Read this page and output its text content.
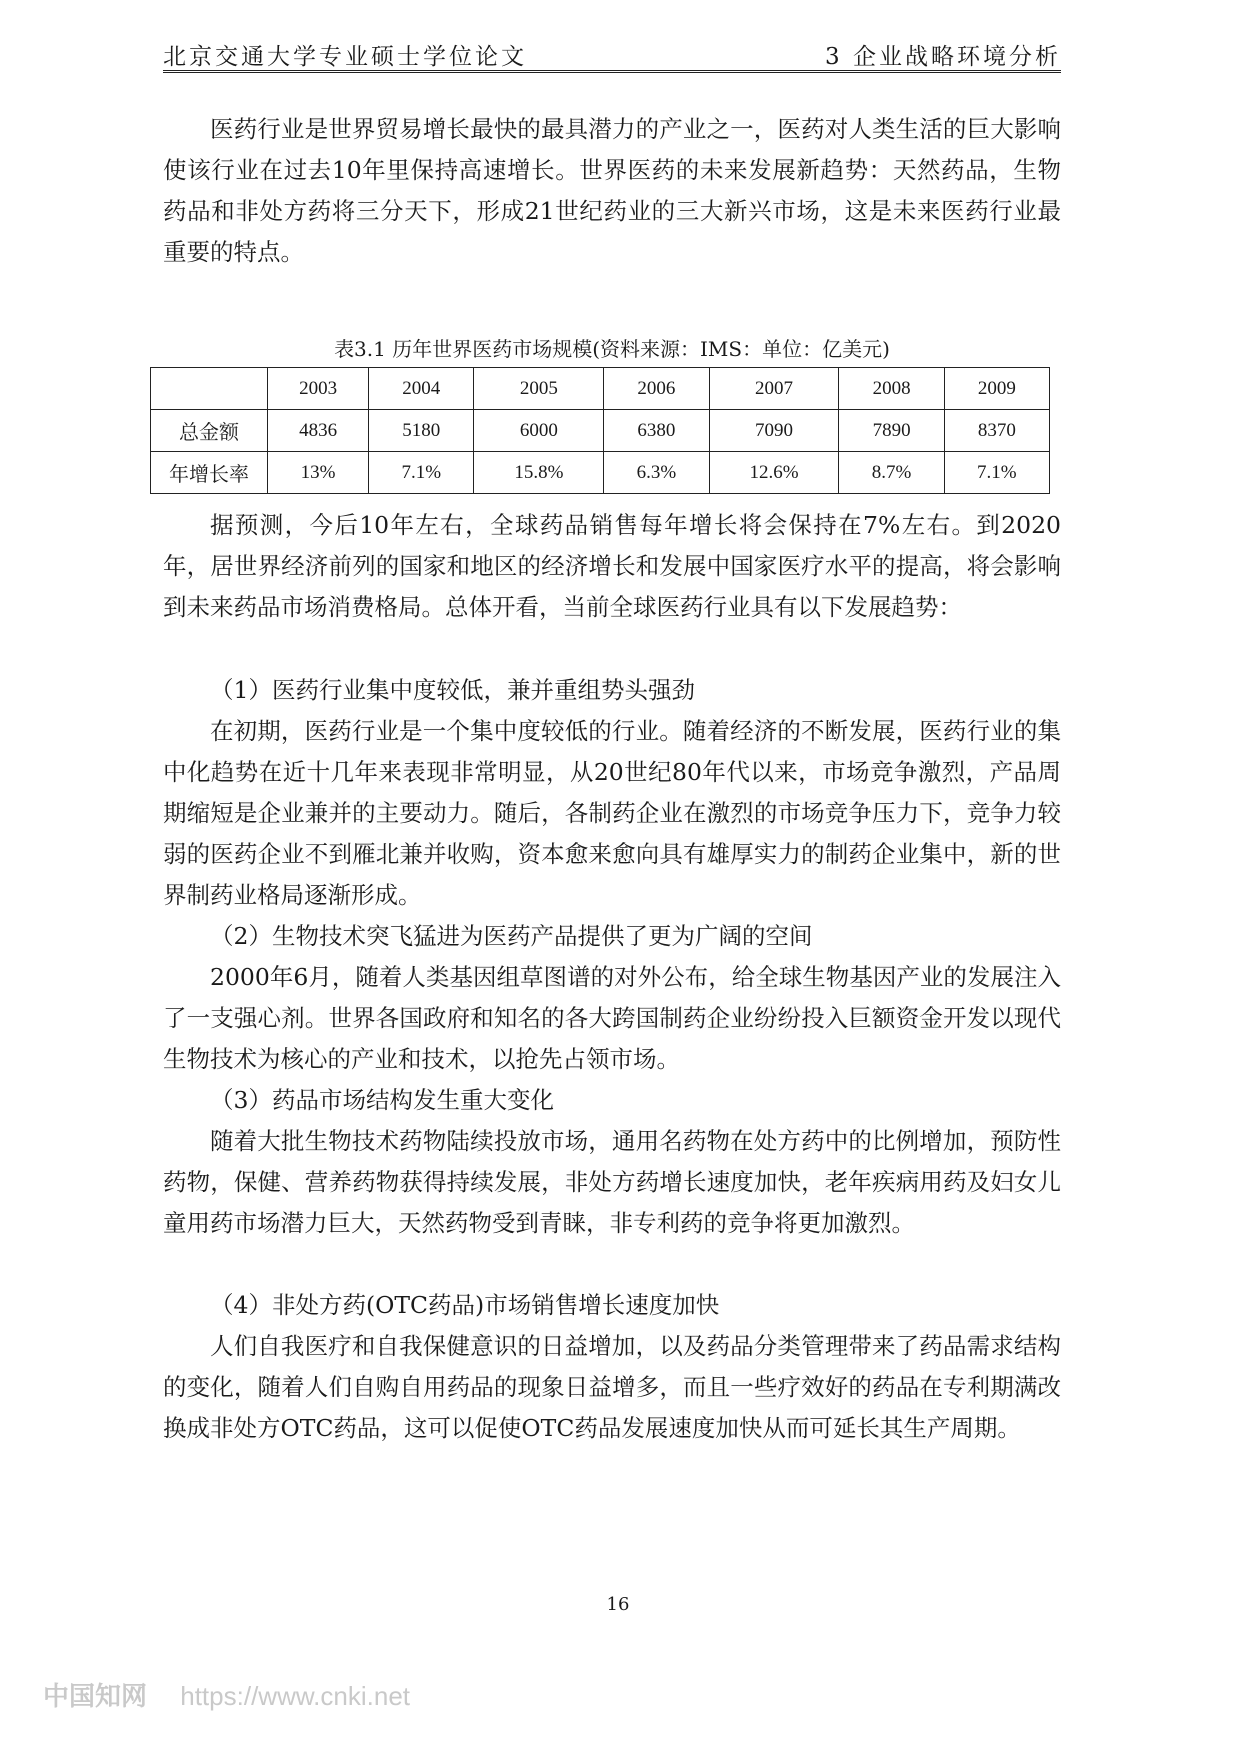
北京交通大学专业硕士学位论文	3 企业战略环境分析

医药行业是世界贸易增长最快的最具潜力的产业之一，医药对人类生活的巨大影响使该行业在过去10年里保持高速增长。世界医药的未来发展新趋势：天然药品，生物药品和非处方药将三分天下，形成21世纪药业的三大新兴市场，这是未来医药行业最重要的特点。

表3.1 历年世界医药市场规模(资料来源：IMS：单位：亿美元)
	2003	2004	2005	2006	2007	2008	2009
总金额	4836	5180	6000	6380	7090	7890	8370
年增长率	13%	7.1%	15.8%	6.3%	12.6%	8.7%	7.1%

据预测，今后10年左右，全球药品销售每年增长将会保持在7%左右。到2020年，居世界经济前列的国家和地区的经济增长和发展中国家医疗水平的提高，将会影响到未来药品市场消费格局。总体开看，当前全球医药行业具有以下发展趋势：

（1）医药行业集中度较低，兼并重组势头强劲

在初期，医药行业是一个集中度较低的行业。随着经济的不断发展，医药行业的集中化趋势在近十几年来表现非常明显，从20世纪80年代以来，市场竞争激烈，产品周期缩短是企业兼并的主要动力。随后，各制药企业在激烈的市场竞争压力下，竞争力较弱的医药企业不到雁北兼并收购，资本愈来愈向具有雄厚实力的制药企业集中，新的世界制药业格局逐渐形成。

（2）生物技术突飞猛进为医药产品提供了更为广阔的空间

2000年6月，随着人类基因组草图谱的对外公布，给全球生物基因产业的发展注入了一支强心剂。世界各国政府和知名的各大跨国制药企业纷纷投入巨额资金开发以现代生物技术为核心的产业和技术，以抢先占领市场。

（3）药品市场结构发生重大变化

随着大批生物技术药物陆续投放市场，通用名药物在处方药中的比例增加，预防性药物，保健、营养药物获得持续发展，非处方药增长速度加快，老年疾病用药及妇女儿童用药市场潜力巨大，天然药物受到青睐，非专利药的竞争将更加激烈。

（4）非处方药(OTC药品)市场销售增长速度加快

人们自我医疗和自我保健意识的日益增加，以及药品分类管理带来了药品需求结构的变化，随着人们自购自用药品的现象日益增多，而且一些疗效好的药品在专利期满改换成非处方OTC药品，这可以促使OTC药品发展速度加快从而可延长其生产周期。

16
中国知网 https://www.cnki.net
